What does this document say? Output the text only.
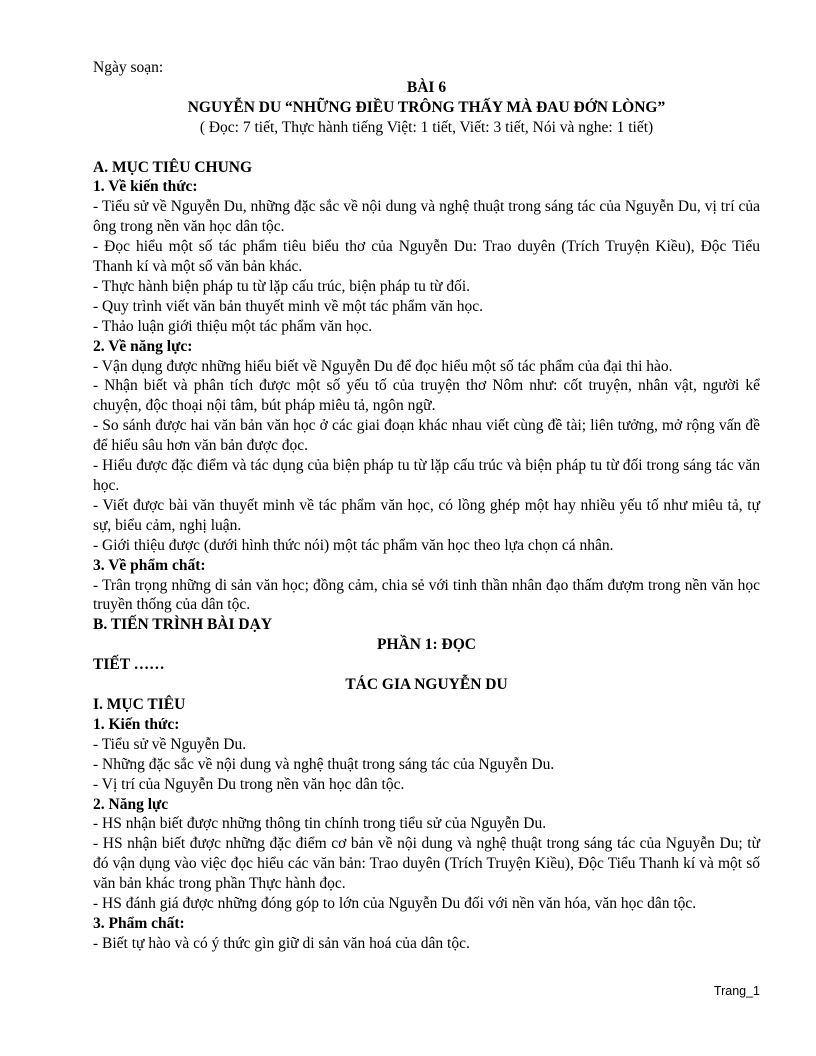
Ngày soạn:

BÀI 6

NGUYỄN DU “NHỮNG ĐIỀU TRÔNG THẤY MÀ ĐAU ĐỚN LÒNG”

( Đọc: 7 tiết, Thực hành tiếng Việt: 1 tiết, Viết: 3 tiết, Nói và nghe: 1 tiết)

A. MỤC TIÊU CHUNG

1. Về kiến thức:

- Tiểu sử về Nguyễn Du, những đặc sắc về nội dung và nghệ thuật trong sáng tác của Nguyễn Du, vị trí của ông trong nền văn học dân tộc.

- Đọc hiểu một số tác phẩm tiêu biểu thơ của Nguyễn Du: Trao duyên (Trích Truyện Kiều), Độc Tiểu Thanh kí và một số văn bản khác.

- Thực hành biện pháp tu từ lặp cấu trúc, biện pháp tu từ đối.

- Quy trình viết văn bản thuyết minh về một tác phẩm văn học.

- Thảo luận giới thiệu một tác phẩm văn học.

2. Về năng lực:

- Vận dụng được những hiểu biết về Nguyễn Du để đọc hiểu một số tác phẩm của đại thi hào.

- Nhận biết và phân tích được một số yếu tố của truyện thơ Nôm như: cốt truyện, nhân vật, người kể chuyện, độc thoại nội tâm, bút pháp miêu tả, ngôn ngữ.

- So sánh được hai văn bản văn học ở các giai đoạn khác nhau viết cùng đề tài; liên tưởng, mở rộng vấn đề để hiểu sâu hơn văn bản được đọc.

- Hiểu được đặc điểm và tác dụng của biện pháp tu từ lặp cấu trúc và biện pháp tu từ đối trong sáng tác văn học.

- Viết được bài văn thuyết minh về tác phẩm văn học, có lồng ghép một hay nhiều yếu tố như miêu tả, tự sự, biểu cảm, nghị luận.

- Giới thiệu được (dưới hình thức nói) một tác phẩm văn học theo lựa chọn cá nhân.

3. Về phẩm chất:

- Trân trọng những di sản văn học; đồng cảm, chia sẻ với tinh thần nhân đạo thấm đượm trong nền văn học truyền thống của dân tộc.

B. TIẾN TRÌNH BÀI DẠY

PHẦN 1: ĐỌC

TIẾT ……

TÁC GIA NGUYỄN DU

I. MỤC TIÊU

1. Kiến thức:

- Tiểu sử về Nguyễn Du.

- Những đặc sắc về nội dung và nghệ thuật trong sáng tác của Nguyễn Du.

- Vị trí của Nguyễn Du trong nền văn học dân tộc.

2. Năng lực

- HS nhận biết được những thông tin chính trong tiểu sử của Nguyễn Du.

- HS nhận biết được những đặc điểm cơ bản về nội dung và nghệ thuật trong sáng tác của Nguyễn Du; từ đó vận dụng vào việc đọc hiểu các văn bản: Trao duyên (Trích Truyện Kiều), Độc Tiểu Thanh kí và một số văn bản khác trong phần Thực hành đọc.

- HS đánh giá được những đóng góp to lớn của Nguyễn Du đối với nền văn hóa, văn học dân tộc.

3. Phẩm chất:

- Biết tự hào và có ý thức gìn giữ di sản văn hoá của dân tộc.

Trang_1
